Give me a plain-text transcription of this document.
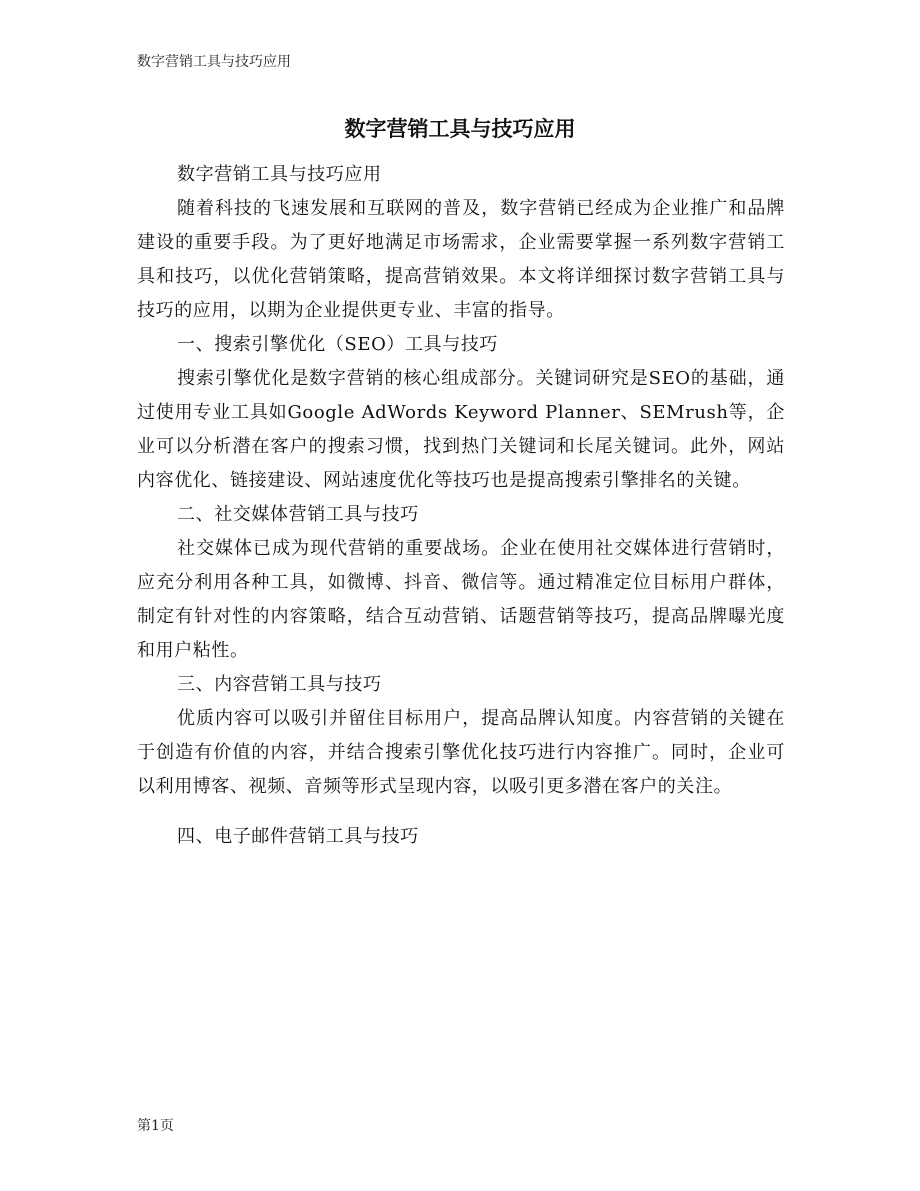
数字营销工具与技巧应用
数字营销工具与技巧应用

数字营销工具与技巧应用

随着科技的飞速发展和互联网的普及，数字营销已经成为企业推广和品牌建设的重要手段。为了更好地满足市场需求，企业需要掌握一系列数字营销工具和技巧，以优化营销策略，提高营销效果。本文将详细探讨数字营销工具与技巧的应用，以期为企业提供更专业、丰富的指导。

一、搜索引擎优化（SEO）工具与技巧

搜索引擎优化是数字营销的核心组成部分。关键词研究是SEO的基础，通过使用专业工具如Google AdWords Keyword Planner、SEMrush等，企业可以分析潜在客户的搜索习惯，找到热门关键词和长尾关键词。此外，网站内容优化、链接建设、网站速度优化等技巧也是提高搜索引擎排名的关键。

二、社交媒体营销工具与技巧

社交媒体已成为现代营销的重要战场。企业在使用社交媒体进行营销时，应充分利用各种工具，如微博、抖音、微信等。通过精准定位目标用户群体，制定有针对性的内容策略，结合互动营销、话题营销等技巧，提高品牌曝光度和用户粘性。

三、内容营销工具与技巧

优质内容可以吸引并留住目标用户，提高品牌认知度。内容营销的关键在于创造有价值的内容，并结合搜索引擎优化技巧进行内容推广。同时，企业可以利用博客、视频、音频等形式呈现内容，以吸引更多潜在客户的关注。

四、电子邮件营销工具与技巧

第1页
